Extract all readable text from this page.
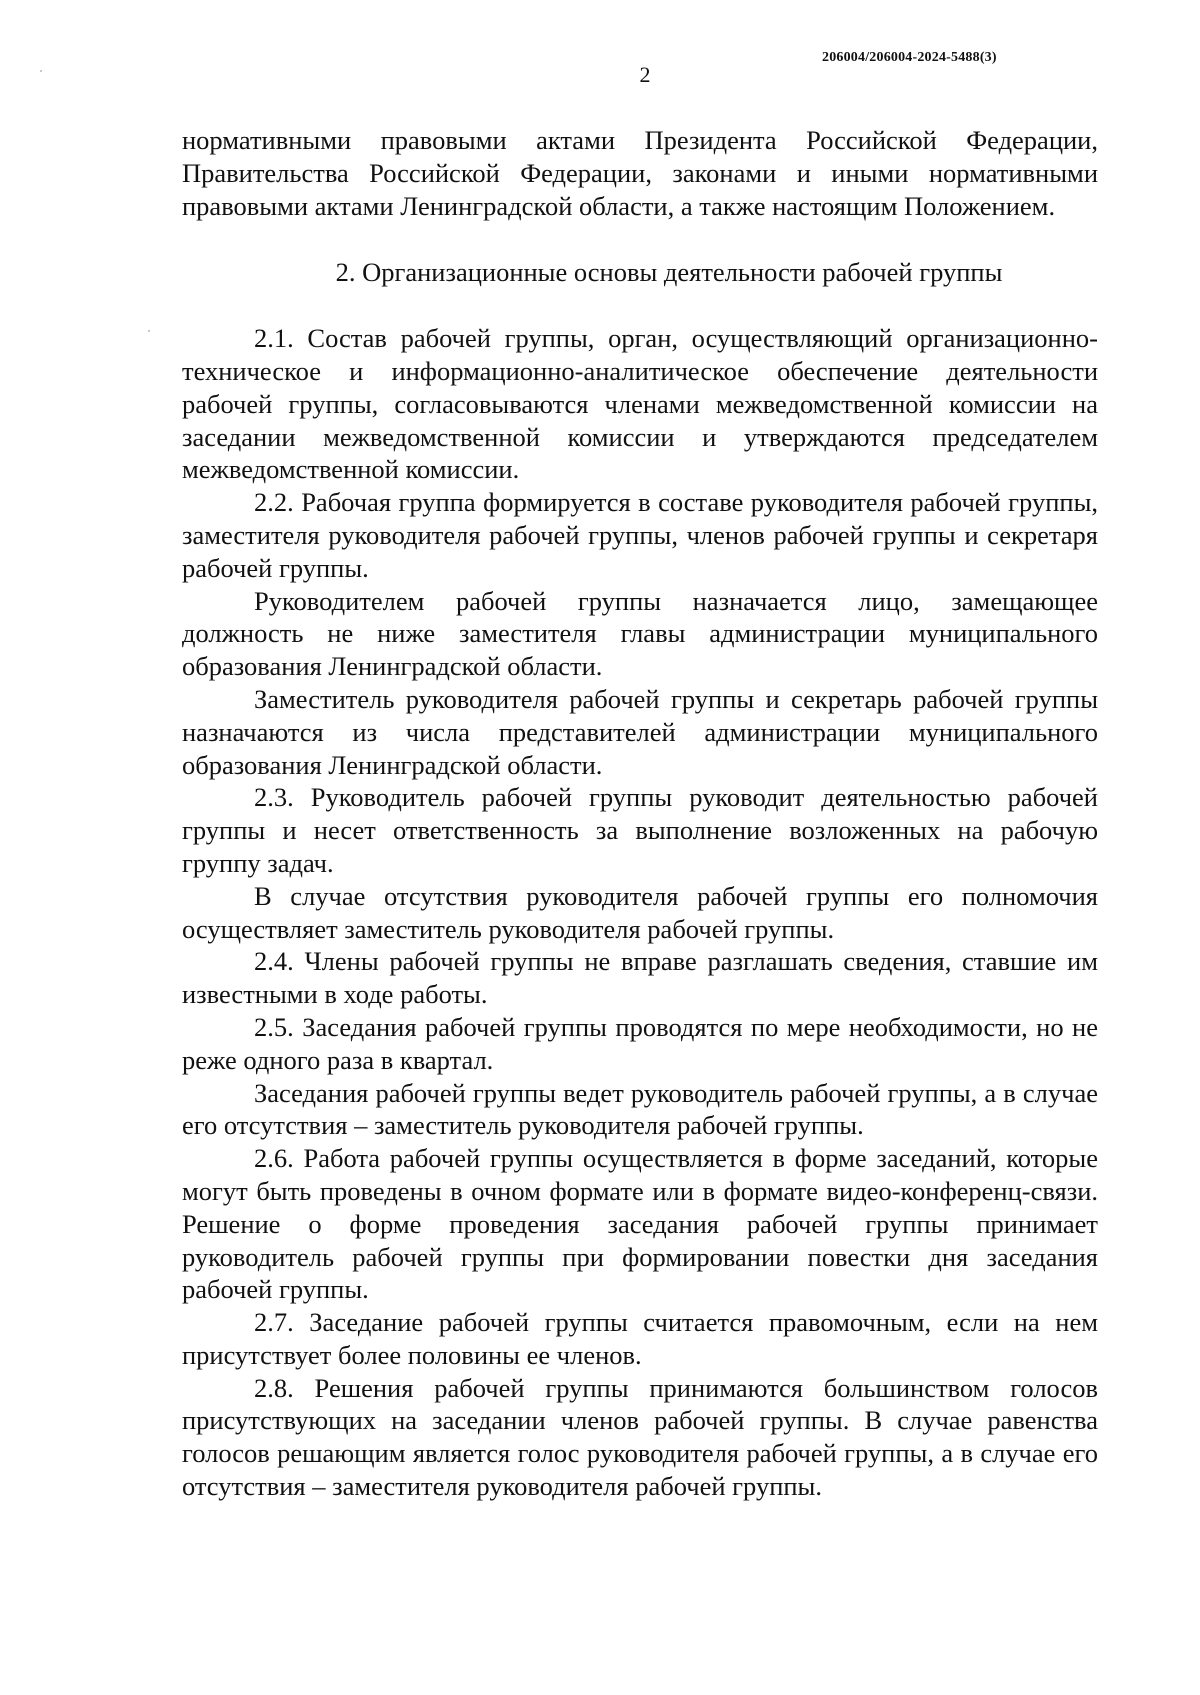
206004/206004-2024-5488(3)
2

нормативными правовыми актами Президента Российской Федерации, Правительства Российской Федерации, законами и иными нормативными правовыми актами Ленинградской области, а также настоящим Положением.

2. Организационные основы деятельности рабочей группы

2.1. Состав рабочей группы, орган, осуществляющий организационно-техническое и информационно-аналитическое обеспечение деятельности рабочей группы, согласовываются членами межведомственной комиссии на заседании межведомственной комиссии и утверждаются председателем межведомственной комиссии.

2.2. Рабочая группа формируется в составе руководителя рабочей группы, заместителя руководителя рабочей группы, членов рабочей группы и секретаря рабочей группы.

Руководителем рабочей группы назначается лицо, замещающее должность не ниже заместителя главы администрации муниципального образования Ленинградской области.

Заместитель руководителя рабочей группы и секретарь рабочей группы назначаются из числа представителей администрации муниципального образования Ленинградской области.

2.3. Руководитель рабочей группы руководит деятельностью рабочей группы и несет ответственность за выполнение возложенных на рабочую группу задач.

В случае отсутствия руководителя рабочей группы его полномочия осуществляет заместитель руководителя рабочей группы.

2.4. Члены рабочей группы не вправе разглашать сведения, ставшие им известными в ходе работы.

2.5. Заседания рабочей группы проводятся по мере необходимости, но не реже одного раза в квартал.

Заседания рабочей группы ведет руководитель рабочей группы, а в случае его отсутствия – заместитель руководителя рабочей группы.

2.6. Работа рабочей группы осуществляется в форме заседаний, которые могут быть проведены в очном формате или в формате видео-конференц-связи. Решение о форме проведения заседания рабочей группы принимает руководитель рабочей группы при формировании повестки дня заседания рабочей группы.

2.7. Заседание рабочей группы считается правомочным, если на нем присутствует более половины ее членов.

2.8. Решения рабочей группы принимаются большинством голосов присутствующих на заседании членов рабочей группы. В случае равенства голосов решающим является голос руководителя рабочей группы, а в случае его отсутствия – заместителя руководителя рабочей группы.
